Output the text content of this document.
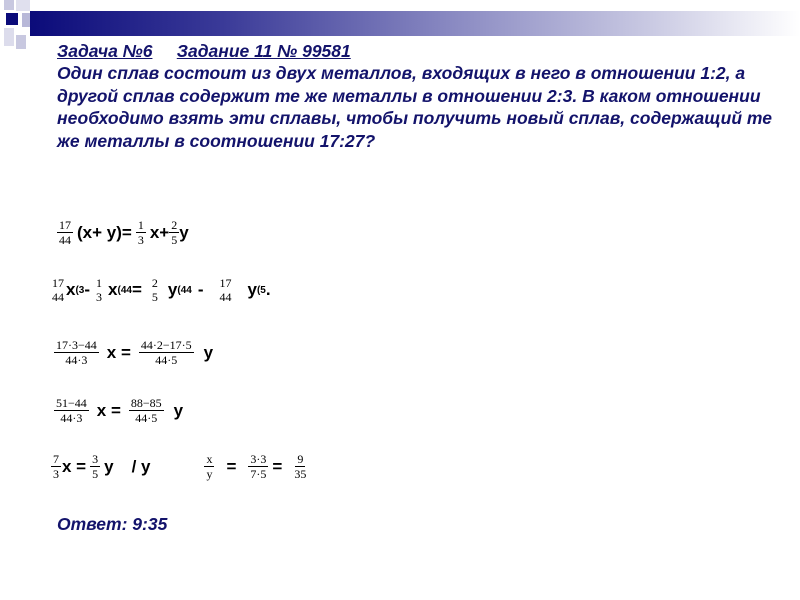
Задача №6 Задание 11 № 99581
Один сплав состоит из двух металлов, входящих в него в отношении 1:2, а другой сплав содержит те же металлы в отношении 2:3. В каком отношении необходимо взять эти сплавы, чтобы получить новый сплав, содержащий те же металлы в соотношении 17:27?
$\frac{17}{44} (x+ y)= \frac{1}{3} x+ \frac{2}{5}$ y
17
44 x (3 - 1
3 x (44 = 2
5 y (44 - 17
44 y (5 .
$\frac{17\cdot 3-44}{44\cdot 3}$ $x = \frac{44\cdot 2-17\cdot 5}{44\cdot 5}$ y
$\frac{51-44}{44\cdot 3}$ $x = \frac{88-85}{44\cdot 5}$ y
$\frac{7}{3}$ $x = \frac{3}{5}$ y / y	$\frac{x}{y} = \frac{3\cdot 3}{7\cdot 5} = \frac{9}{35}$
Ответ: 9:35
